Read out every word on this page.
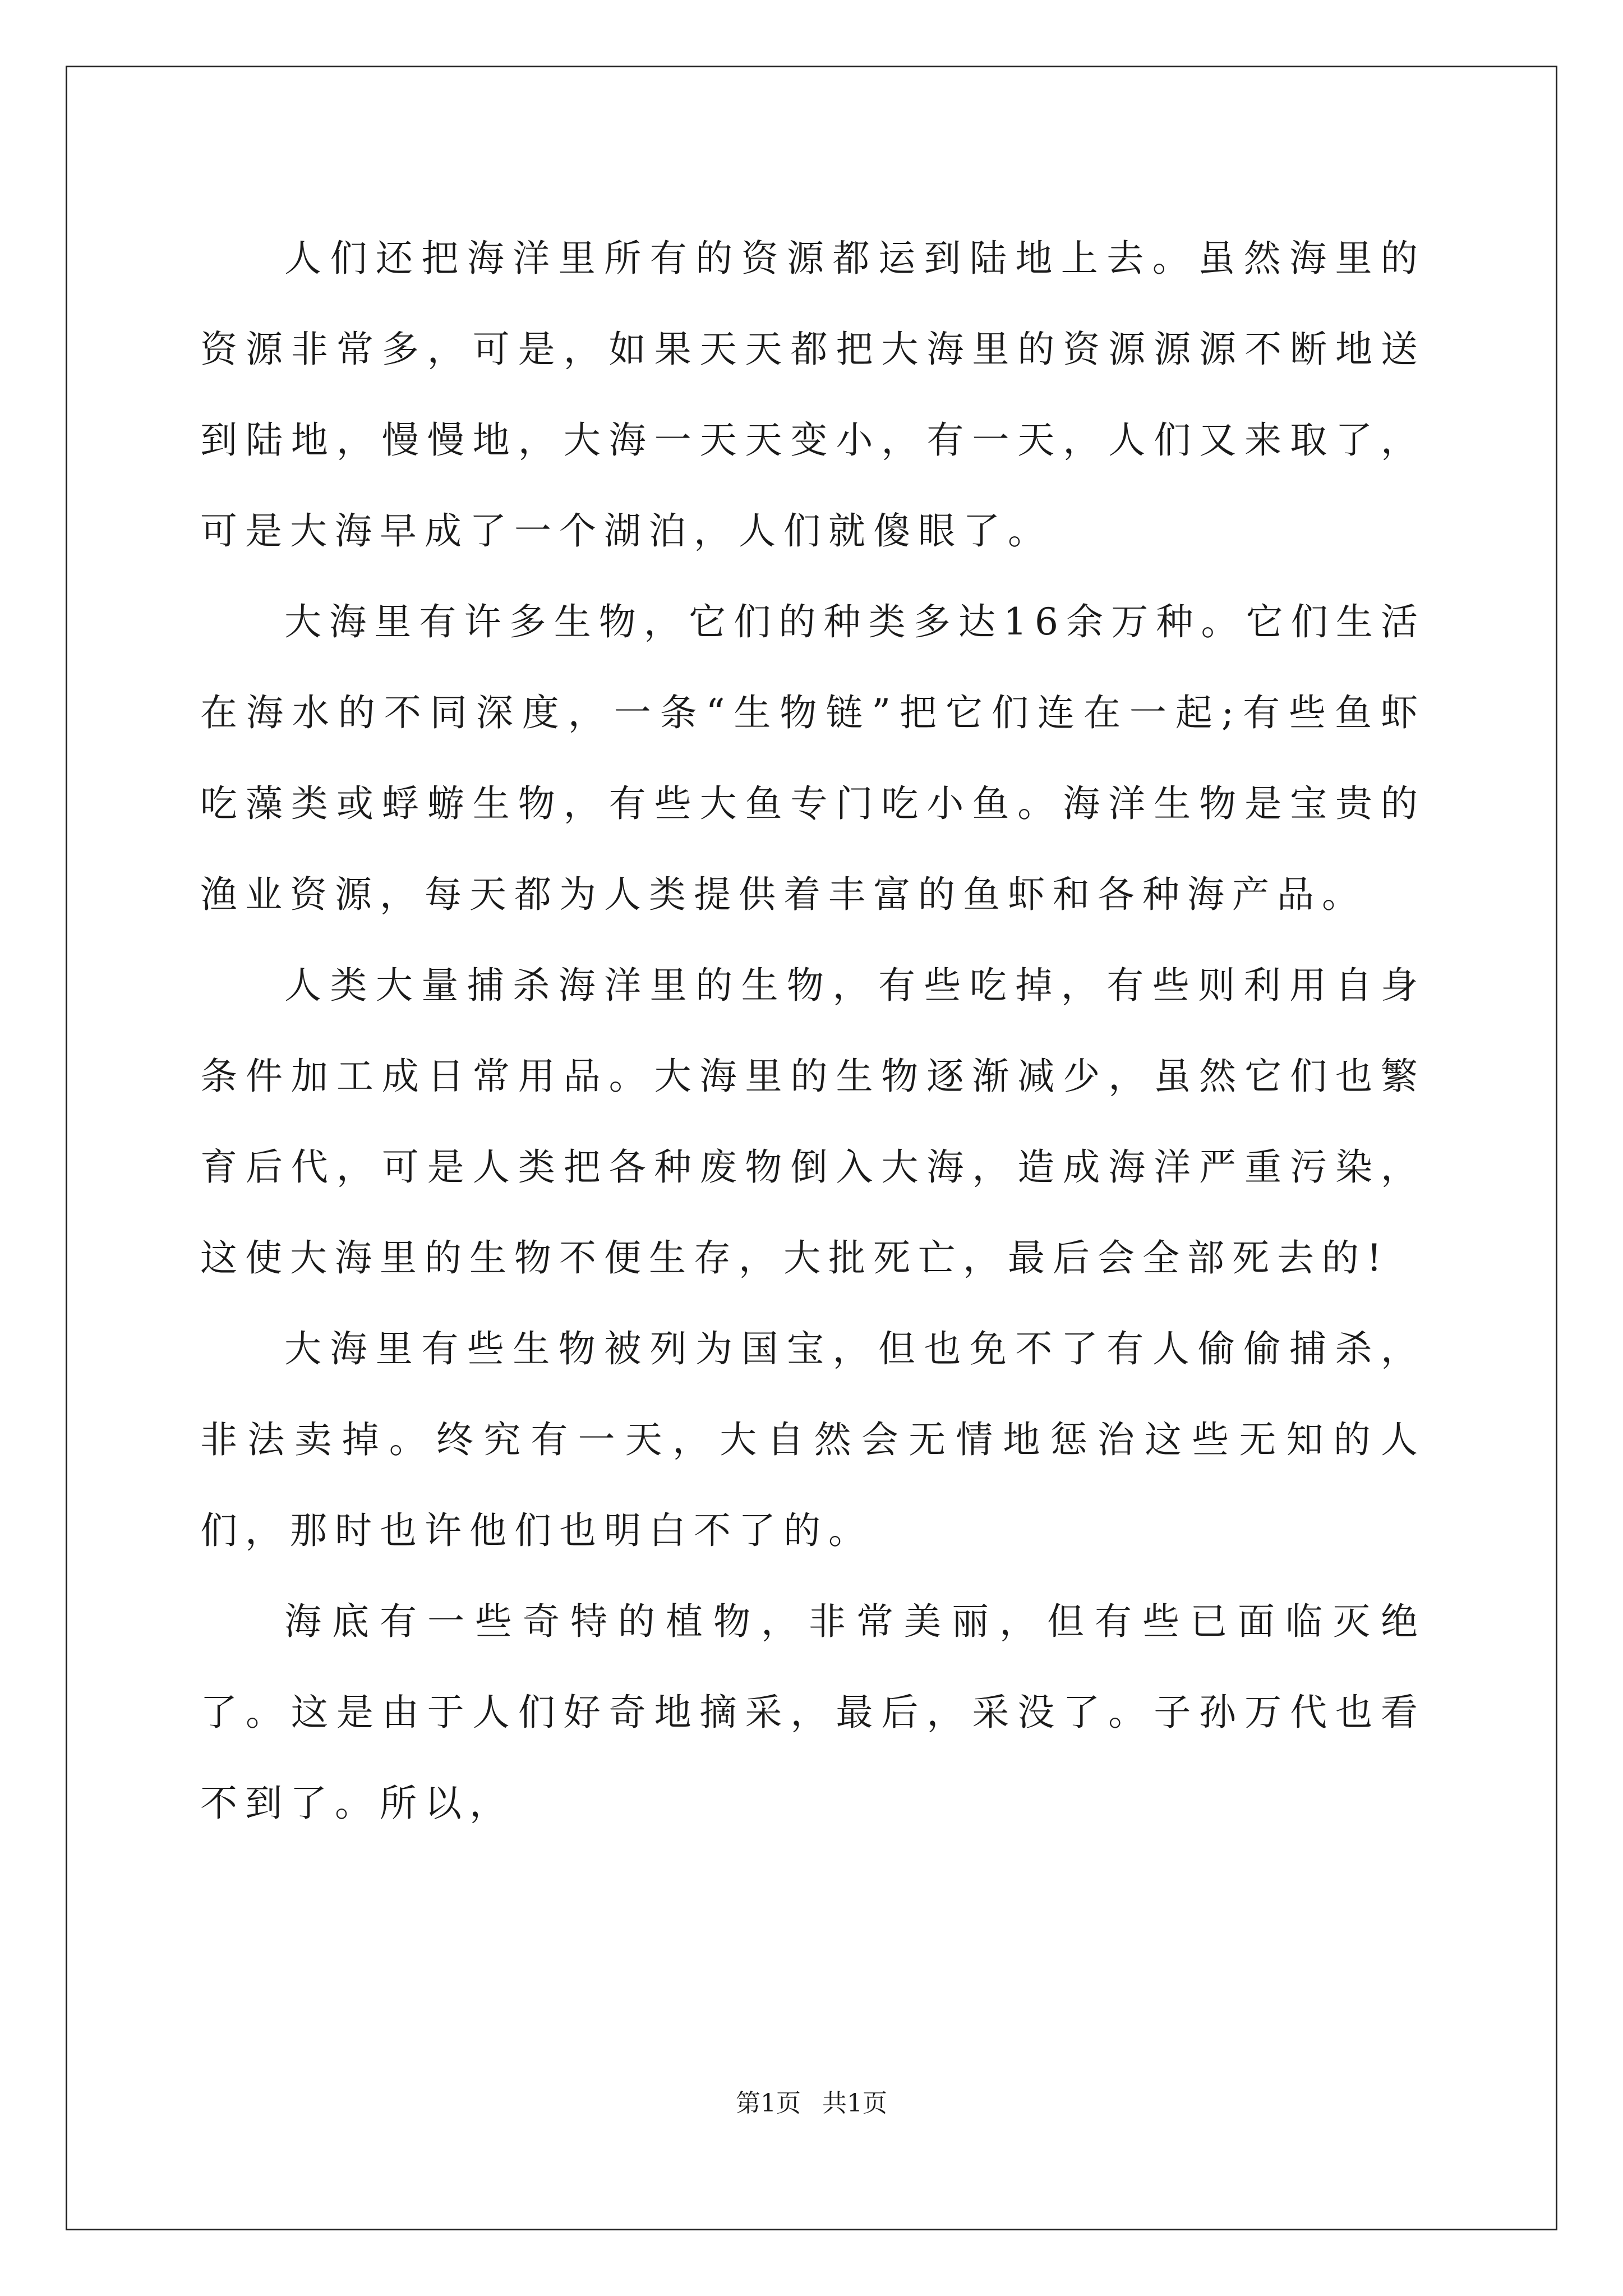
人们还把海洋里所有的资源都运到陆地上去。虽然海里的资源非常多，可是，如果天天都把大海里的资源源源不断地送到陆地，慢慢地，大海一天天变小，有一天，人们又来取了，可是大海早成了一个湖泊，人们就傻眼了。

大海里有许多生物，它们的种类多达16余万种。它们生活在海水的不同深度，一条“生物链”把它们连在一起;有些鱼虾吃藻类或蜉蝣生物，有些大鱼专门吃小鱼。海洋生物是宝贵的渔业资源，每天都为人类提供着丰富的鱼虾和各种海产品。

人类大量捕杀海洋里的生物，有些吃掉，有些则利用自身条件加工成日常用品。大海里的生物逐渐减少，虽然它们也繁育后代，可是人类把各种废物倒入大海，造成海洋严重污染，这使大海里的生物不便生存，大批死亡，最后会全部死去的!

大海里有些生物被列为国宝，但也免不了有人偷偷捕杀，非法卖掉。终究有一天，大自然会无情地惩治这些无知的人们，那时也许他们也明白不了的。

海底有一些奇特的植物，非常美丽，但有些已面临灭绝了。这是由于人们好奇地摘采，最后，采没了。子孙万代也看不到了。所以，

第1页 共1页
